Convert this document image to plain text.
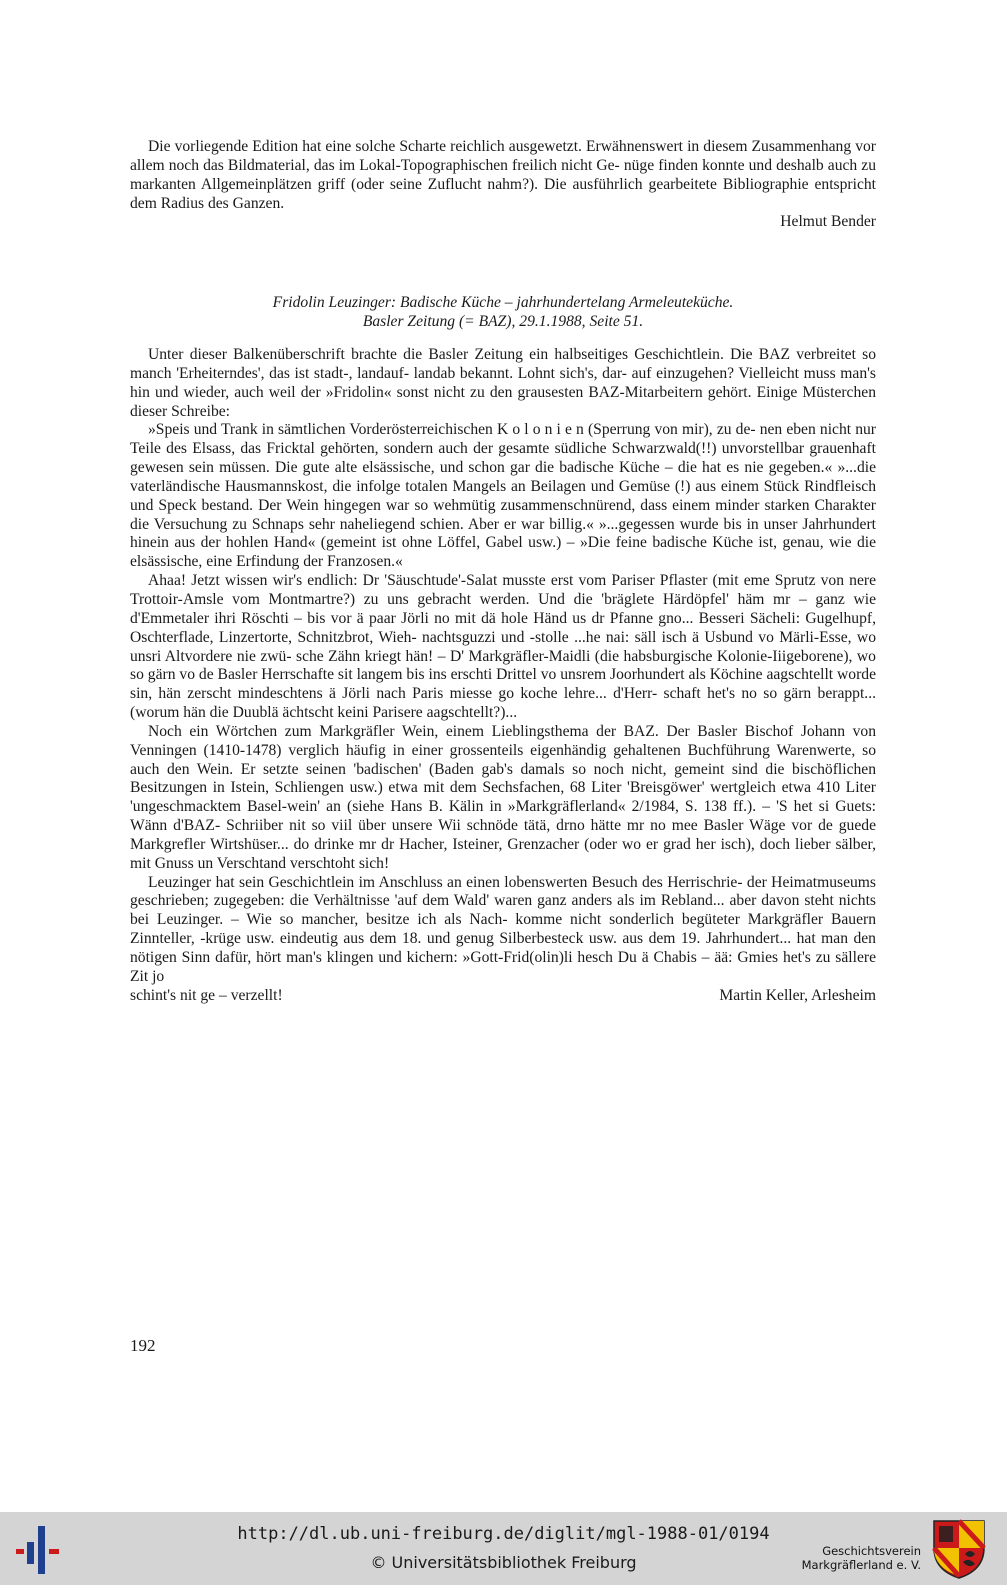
Die vorliegende Edition hat eine solche Scharte reichlich ausgewetzt. Erwähnenswert in diesem Zusammenhang vor allem noch das Bildmaterial, das im Lokal-Topographischen freilich nicht Ge- nüge finden konnte und deshalb auch zu markanten Allgemeinplätzen griff (oder seine Zuflucht nahm?). Die ausführlich gearbeitete Bibliographie entspricht dem Radius des Ganzen.

Helmut Bender

Fridolin Leuzinger: Badische Küche – jahrhundertelang Armeleuteküche.
Basler Zeitung (= BAZ), 29.1.1988, Seite 51.

Unter dieser Balkenüberschrift brachte die Basler Zeitung ein halbseitiges Geschichtlein. Die BAZ verbreitet so manch 'Erheiterndes', das ist stadt-, landauf- landab bekannt. Lohnt sich's, dar- auf einzugehen? Vielleicht muss man's hin und wieder, auch weil der »Fridolin« sonst nicht zu den grausesten BAZ-Mitarbeitern gehört. Einige Müsterchen dieser Schreibe:

»Speis und Trank in sämtlichen Vorderösterreichischen K o l o n i e n (Sperrung von mir), zu de- nen eben nicht nur Teile des Elsass, das Fricktal gehörten, sondern auch der gesamte südliche Schwarzwald(!!) unvorstellbar grauenhaft gewesen sein müssen. Die gute alte elsässische, und schon gar die badische Küche – die hat es nie gegeben.« »...die vaterländische Hausmannskost, die infolge totalen Mangels an Beilagen und Gemüse (!) aus einem Stück Rindfleisch und Speck bestand. Der Wein hingegen war so wehmütig zusammenschnürend, dass einem minder starken Charakter die Versuchung zu Schnaps sehr naheliegend schien. Aber er war billig.« »...gegessen wurde bis in unser Jahrhundert hinein aus der hohlen Hand« (gemeint ist ohne Löffel, Gabel usw.) – »Die feine badische Küche ist, genau, wie die elsässische, eine Erfindung der Franzosen.«

Ahaa! Jetzt wissen wir's endlich: Dr 'Säuschtude'-Salat musste erst vom Pariser Pflaster (mit eme Sprutz von nere Trottoir-Amsle vom Montmartre?) zu uns gebracht werden. Und die 'bräglete Härdöpfel' häm mr – ganz wie d'Emmetaler ihri Röschti – bis vor ä paar Jörli no mit dä hole Händ us dr Pfanne gno... Besseri Sächeli: Gugelhupf, Oschterflade, Linzertorte, Schnitzbrot, Wieh- nachtsguzzi und -stolle ...he nai: säll isch ä Usbund vo Märli-Esse, wo unsri Altvordere nie zwü- sche Zähn kriegt hän! – D' Markgräfler-Maidli (die habsburgische Kolonie-Iiigeborene), wo so gärn vo de Basler Herrschafte sit langem bis ins erschti Drittel vo unsrem Joorhundert als Köchine aagschtellt worde sin, hän zerscht mindeschtens ä Jörli nach Paris miesse go koche lehre... d'Herr- schaft het's no so gärn berappt... (worum hän die Duublä ächtscht keini Parisere aagschtellt?)...

Noch ein Wörtchen zum Markgräfler Wein, einem Lieblingsthema der BAZ. Der Basler Bischof Johann von Venningen (1410-1478) verglich häufig in einer grossenteils eigenhändig gehaltenen Buchführung Warenwerte, so auch den Wein. Er setzte seinen 'badischen' (Baden gab's damals so noch nicht, gemeint sind die bischöflichen Besitzungen in Istein, Schliengen usw.) etwa mit dem Sechsfachen, 68 Liter 'Breisgöwer' wertgleich etwa 410 Liter 'ungeschmacktem Basel-wein' an (siehe Hans B. Kälin in »Markgräflerland« 2/1984, S. 138 ff.). – 'S het si Guets: Wänn d'BAZ- Schriiber nit so viil über unsere Wii schnöde tätä, drno hätte mr no mee Basler Wäge vor de guede Markgrefler Wirtshüser... do drinke mr dr Hacher, Isteiner, Grenzacher (oder wo er grad her isch), doch lieber sälber, mit Gnuss un Verschtand verschtoht sich!

Leuzinger hat sein Geschichtlein im Anschluss an einen lobenswerten Besuch des Herrischrie- der Heimatmuseums geschrieben; zugegeben: die Verhältnisse 'auf dem Wald' waren ganz anders als im Rebland... aber davon steht nichts bei Leuzinger. – Wie so mancher, besitze ich als Nach- komme nicht sonderlich begüteter Markgräfler Bauern Zinnteller, -krüge usw. eindeutig aus dem 18. und genug Silberbesteck usw. aus dem 19. Jahrhundert... hat man den nötigen Sinn dafür, hört man's klingen und kichern: »Gott-Frid(olin)li hesch Du ä Chabis – ää: Gmies het's zu sällere Zit jo

schint's nit ge – verzellt!	Martin Keller, Arlesheim
192
http://dl.ub.uni-freiburg.de/diglit/mgl-1988-01/0194
© Universitätsbibliothek Freiburg
Geschichtsverein
Markgräflerland e. V.
